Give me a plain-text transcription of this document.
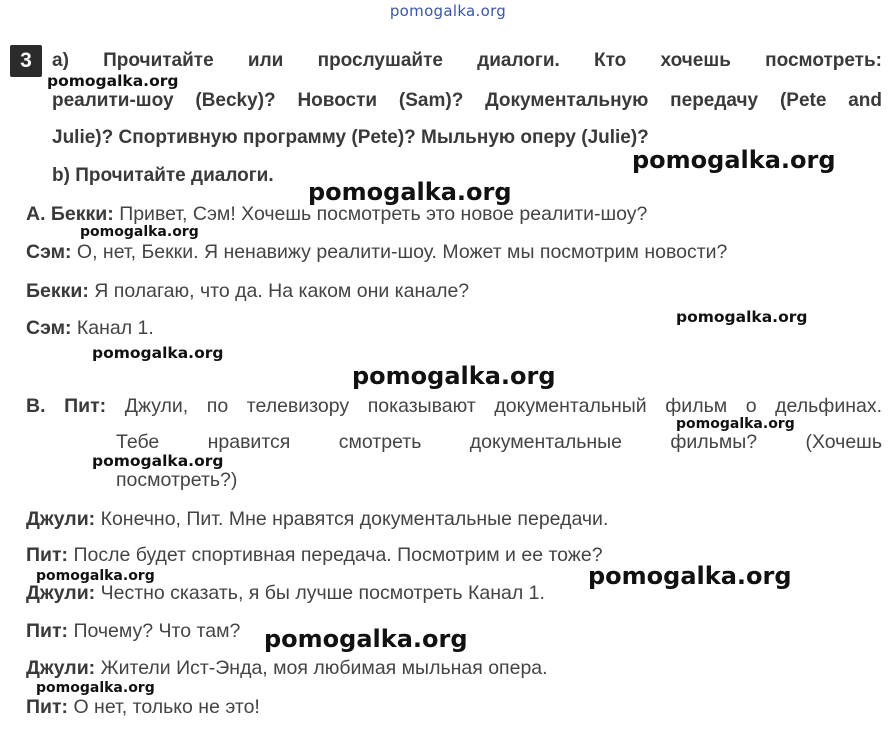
pomogalka.org
3	а) Прочитайте или прослушайте диалоги. Кто хочешь посмотреть:
реалити-шоу (Becky)? Новости (Sam)? Документальную передачу (Pete and
Julie)? Спортивную программу (Pete)? Мыльную оперу (Julie)?
b) Прочитайте диалоги.
А. Бекки: Привет, Сэм! Хочешь посмотреть это новое реалити-шоу?
Сэм: О, нет, Бекки. Я ненавижу реалити-шоу. Может мы посмотрим новости?
Бекки: Я полагаю, что да. На каком они канале?
Сэм: Канал 1.
В. Пит: Джули, по телевизору показывают документальный фильм о дельфинах.
Тебе нравится смотреть документальные фильмы? (Хочешь
посмотреть?)
Джули: Конечно, Пит. Мне нравятся документальные передачи.
Пит: После будет спортивная передача. Посмотрим и ее тоже?
Джули: Честно сказать, я бы лучше посмотреть Канал 1.
Пит: Почему? Что там?
Джули: Жители Ист-Энда, моя любимая мыльная опера.
Пит: О нет, только не это!
pomogalka.org
pomogalka.org
pomogalka.org
pomogalka.org
pomogalka.org
pomogalka.org
pomogalka.org
pomogalka.org
pomogalka.org
pomogalka.org	pomogalka.org
pomogalka.org
pomogalka.org
